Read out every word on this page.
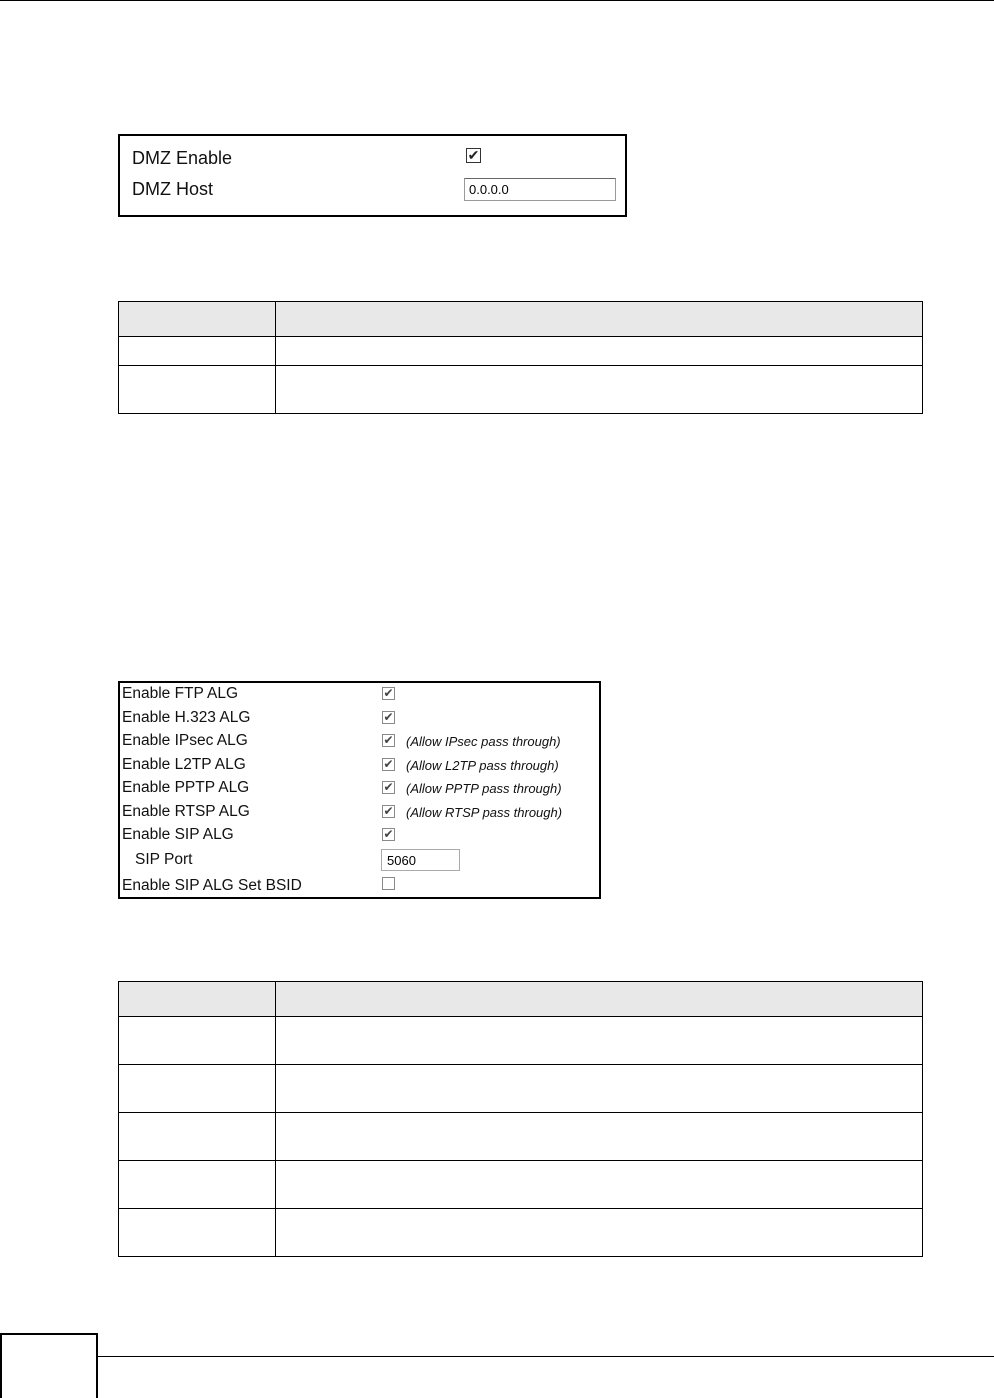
DMZ Enable	✔
DMZ Host	0.0.0.0

Enable FTP ALG	✔
Enable H.323 ALG	✔
Enable IPsec ALG	✔ (Allow IPsec pass through)
Enable L2TP ALG	✔ (Allow L2TP pass through)
Enable PPTP ALG	✔ (Allow PPTP pass through)
Enable RTSP ALG	✔ (Allow RTSP pass through)
Enable SIP ALG	✔
SIP Port	5060
Enable SIP ALG Set BSID
